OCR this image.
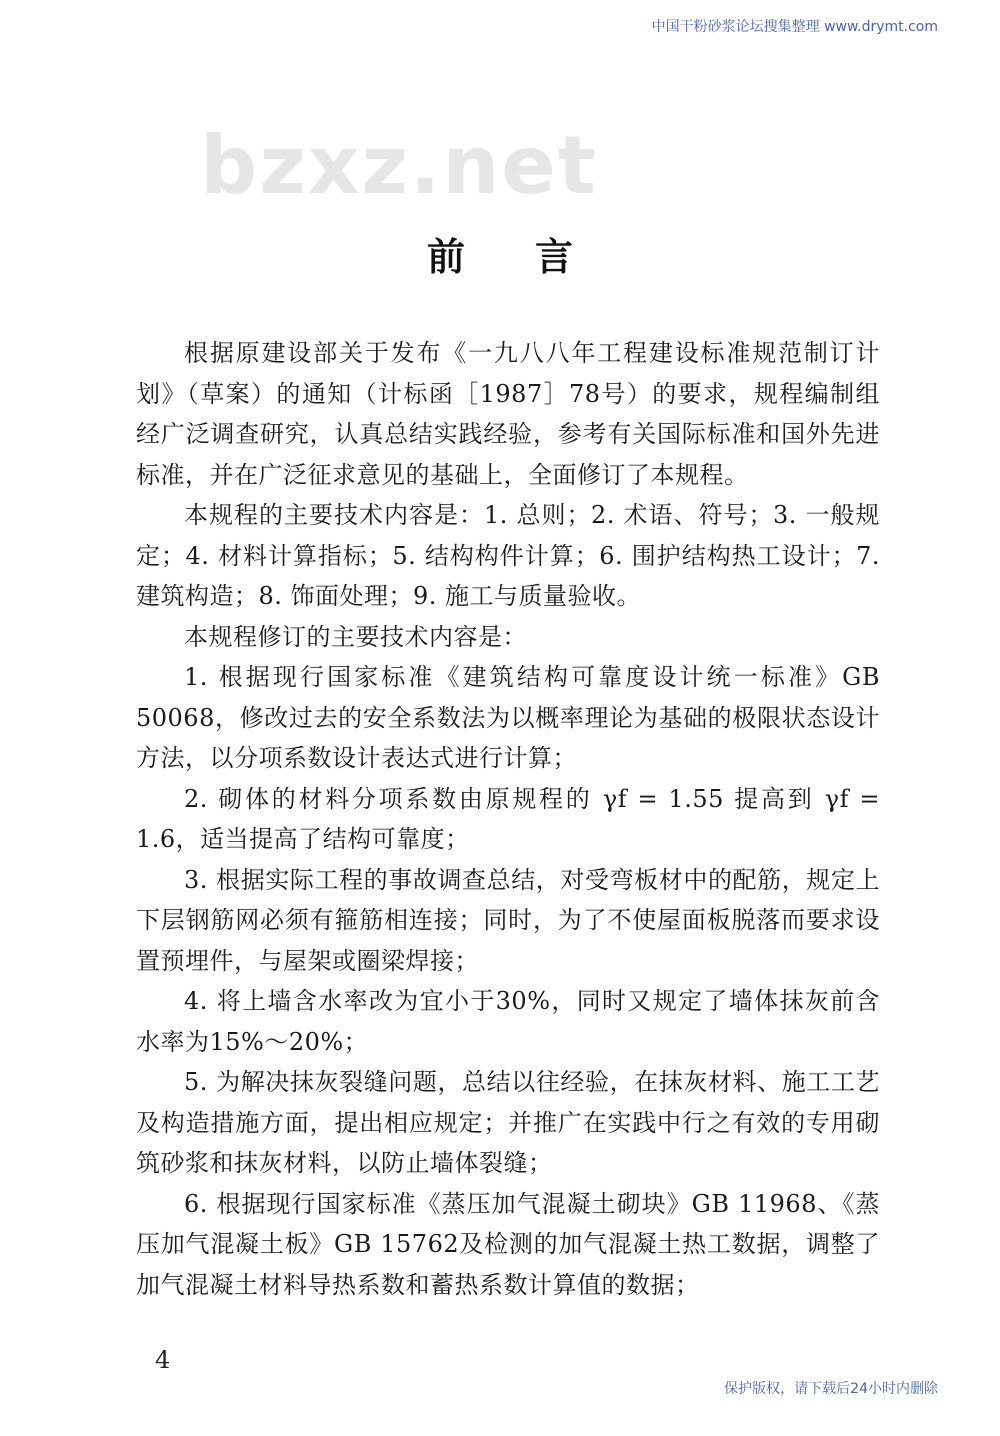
中国干粉砂浆论坛搜集整理 www.drymt.com
bzxz.net
前言

根据原建设部关于发布《一九八八年工程建设标准规范制订计划》（草案）的通知（计标函［1987］78号）的要求，规程编制组经广泛调查研究，认真总结实践经验，参考有关国际标准和国外先进标准，并在广泛征求意见的基础上，全面修订了本规程。

本规程的主要技术内容是：1. 总则；2. 术语、符号；3. 一般规定；4. 材料计算指标；5. 结构构件计算；6. 围护结构热工设计；7. 建筑构造；8. 饰面处理；9. 施工与质量验收。

本规程修订的主要技术内容是：

1. 根据现行国家标准《建筑结构可靠度设计统一标准》GB 50068，修改过去的安全系数法为以概率理论为基础的极限状态设计方法，以分项系数设计表达式进行计算；

2. 砌体的材料分项系数由原规程的 γf = 1.55 提高到 γf = 1.6，适当提高了结构可靠度；

3. 根据实际工程的事故调查总结，对受弯板材中的配筋，规定上下层钢筋网必须有箍筋相连接；同时，为了不使屋面板脱落而要求设置预埋件，与屋架或圈梁焊接；

4. 将上墙含水率改为宜小于30%，同时又规定了墙体抹灰前含水率为15%～20%；

5. 为解决抹灰裂缝问题，总结以往经验，在抹灰材料、施工工艺及构造措施方面，提出相应规定；并推广在实践中行之有效的专用砌筑砂浆和抹灰材料，以防止墙体裂缝；

6. 根据现行国家标准《蒸压加气混凝土砌块》GB 11968、《蒸压加气混凝土板》GB 15762及检测的加气混凝土热工数据，调整了加气混凝土材料导热系数和蓄热系数计算值的数据；

4
保护版权，请下载后24小时内删除
